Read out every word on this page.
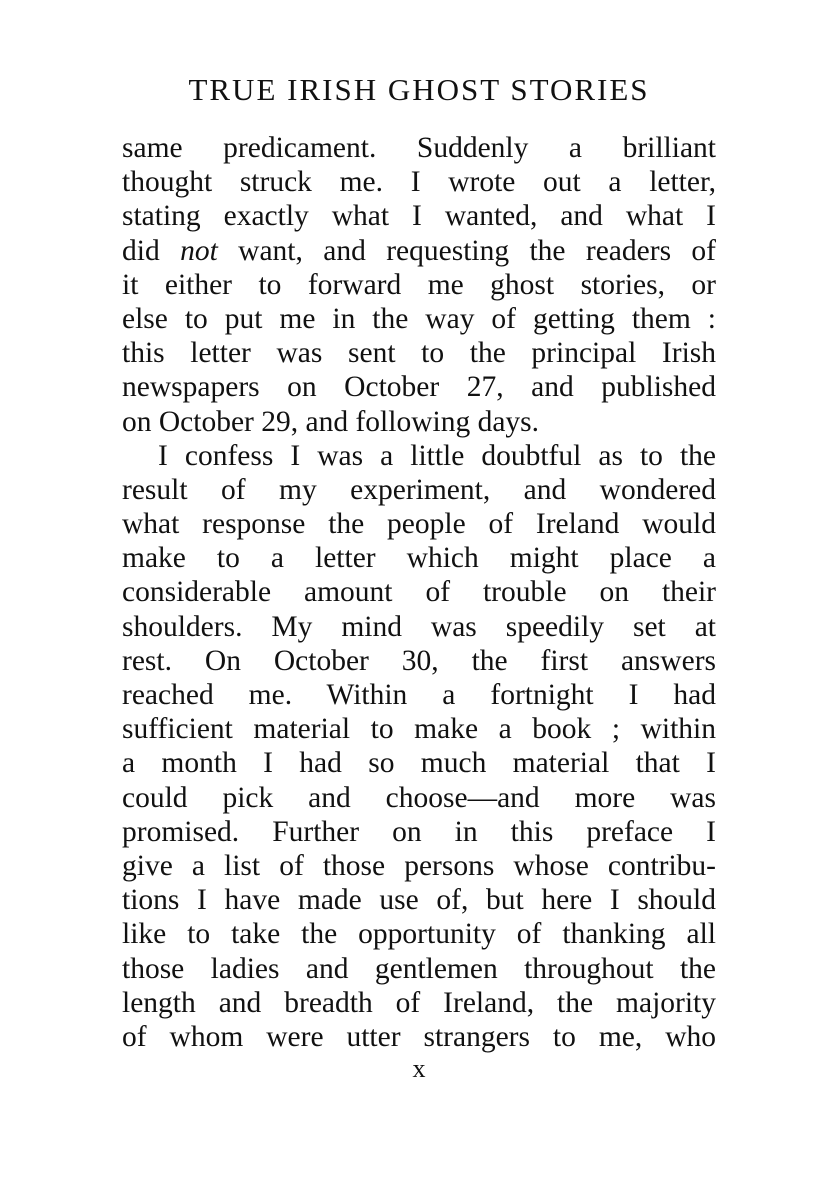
TRUE IRISH GHOST STORIES
same predicament. Suddenly a brilliant
thought struck me. I wrote out a letter,
stating exactly what I wanted, and what I
did not want, and requesting the readers of
it either to forward me ghost stories, or
else to put me in the way of getting them :
this letter was sent to the principal Irish
newspapers on October 27, and published
on October 29, and following days.
I confess I was a little doubtful as to the
result of my experiment, and wondered
what response the people of Ireland would
make to a letter which might place a
considerable amount of trouble on their
shoulders. My mind was speedily set at
rest. On October 30, the first answers
reached me. Within a fortnight I had
sufficient material to make a book ; within
a month I had so much material that I
could pick and choose—and more was
promised. Further on in this preface I
give a list of those persons whose contribu-
tions I have made use of, but here I should
like to take the opportunity of thanking all
those ladies and gentlemen throughout the
length and breadth of Ireland, the majority
of whom were utter strangers to me, who
x
